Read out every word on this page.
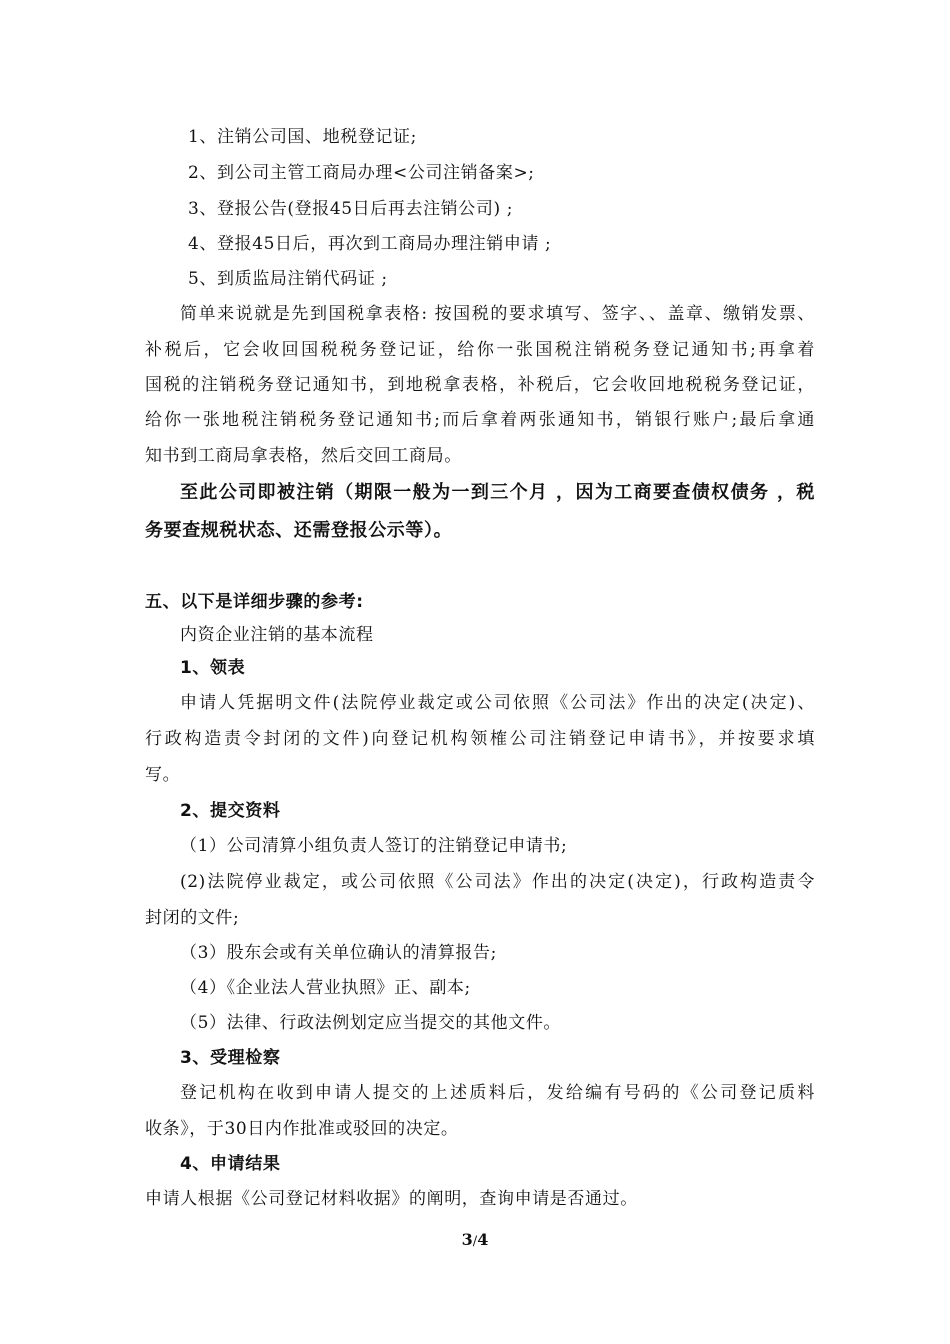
1、注销公司国、地税登记证;
2、到公司主管工商局办理<公司注销备案>;
3、登报公告(登报45日后再去注销公司) ;
4、登报45日后，再次到工商局办理注销申请 ;
5、到质监局注销代码证 ;
简单来说就是先到国税拿表格: 按国税的要求填写、签字、、盖章、缴销发票、
补税后，它会收回国税税务登记证，给你一张国税注销税务登记通知书;再拿着
国税的注销税务登记通知书，到地税拿表格，补税后，它会收回地税税务登记证，
给你一张地税注销税务登记通知书;而后拿着两张通知书，销银行账户;最后拿通
知书到工商局拿表格，然后交回工商局。
至此公司即被注销（期限一般为一到三个月 ，因为工商要查债权债务 ，税
务要查规税状态、还需登报公示等）。
五、以下是详细步骤的参考:
内资企业注销的基本流程
1、领表
申请人凭据明文件(法院停业裁定或公司依照《公司法》作出的决定(决定)、
行政构造责令封闭的文件)向登记机构领榷公司注销登记申请书》，并按要求填
写。
2、提交资料
（1）公司清算小组负责人签订的注销登记申请书;
(2)法院停业裁定，或公司依照《公司法》作出的决定(决定)，行政构造责令
封闭的文件;
（3）股东会或有关单位确认的清算报告;
（4）《企业法人营业执照》正、副本;
（5）法律、行政法例划定应当提交的其他文件。
3、受理检察
登记机构在收到申请人提交的上述质料后，发给编有号码的《公司登记质料
收条》，于30日内作批准或驳回的决定。
4、申请结果
申请人根据《公司登记材料收据》的阐明，查询申请是否通过。
3/4
